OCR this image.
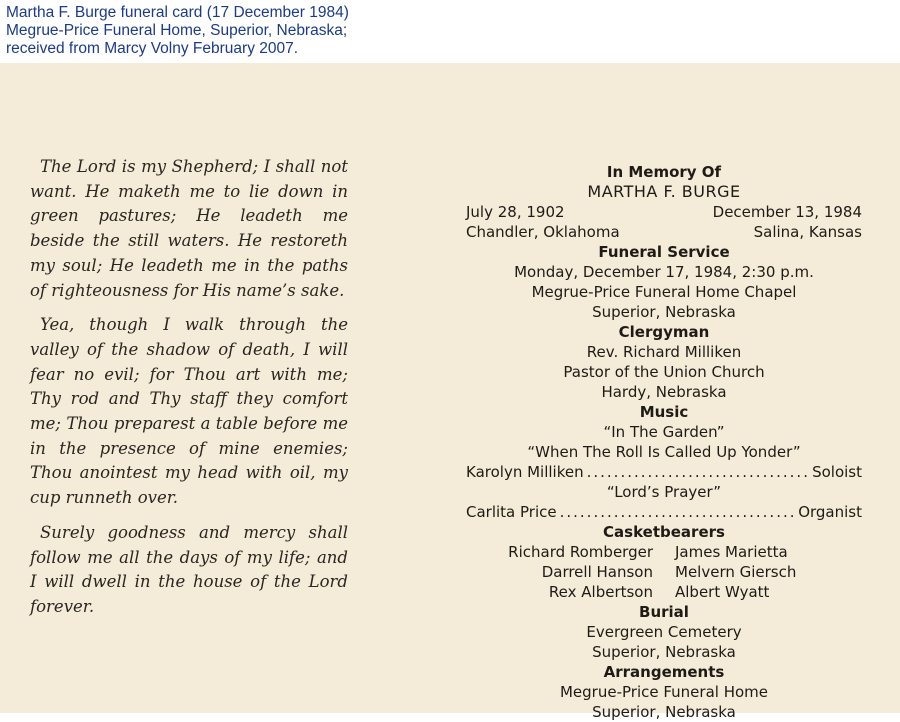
Martha F. Burge funeral card (17 December 1984)
Megrue-Price Funeral Home, Superior, Nebraska;
received from Marcy Volny February 2007.

The Lord is my Shepherd; I shall not want. He maketh me to lie down in green pastures; He leadeth me beside the still waters. He restoreth my soul; He leadeth me in the paths of righteousness for His name’s sake.

Yea, though I walk through the valley of the shadow of death, I will fear no evil; for Thou art with me; Thy rod and Thy staff they comfort me; Thou preparest a table before me in the presence of mine enemies; Thou anointest my head with oil, my cup runneth over.

Surely goodness and mercy shall follow me all the days of my life; and I will dwell in the house of the Lord forever.

In Memory Of
MARTHA F. BURGE
July 28, 1902	December 13, 1984
Chandler, Oklahoma	Salina, Kansas
Funeral Service
Monday, December 17, 1984, 2:30 p.m.
Megrue-Price Funeral Home Chapel
Superior, Nebraska
Clergyman
Rev. Richard Milliken
Pastor of the Union Church
Hardy, Nebraska
Music
“In The Garden”
“When The Roll Is Called Up Yonder”
Karolyn Milliken .....	Soloist
“Lord’s Prayer”
Carlita Price .....	Organist
Casketbearers
Richard Romberger	James Marietta
Darrell Hanson	Melvern Giersch
Rex Albertson	Albert Wyatt
Burial
Evergreen Cemetery
Superior, Nebraska
Arrangements
Megrue-Price Funeral Home
Superior, Nebraska
